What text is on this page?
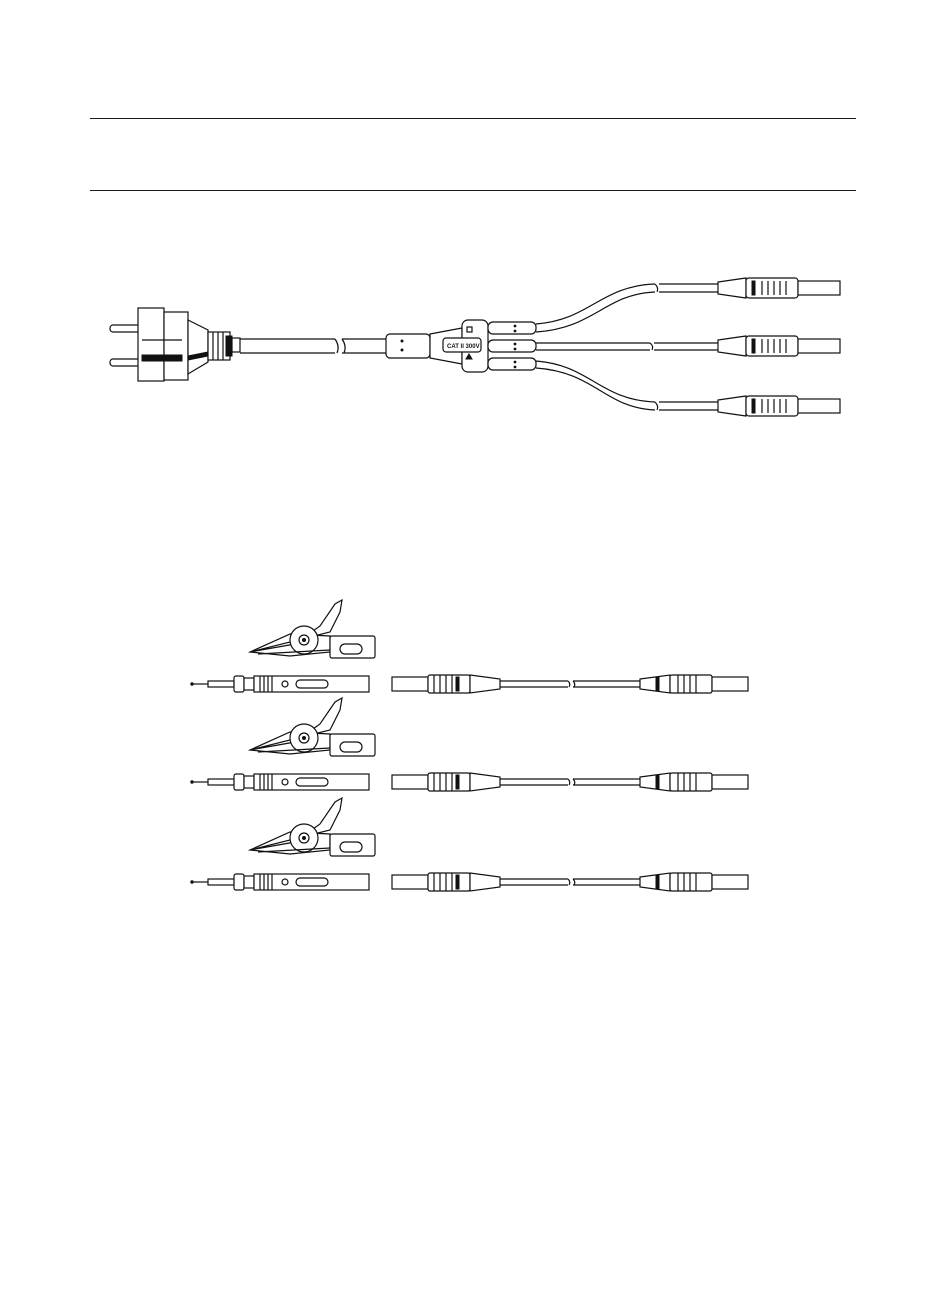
CAT II 300V
